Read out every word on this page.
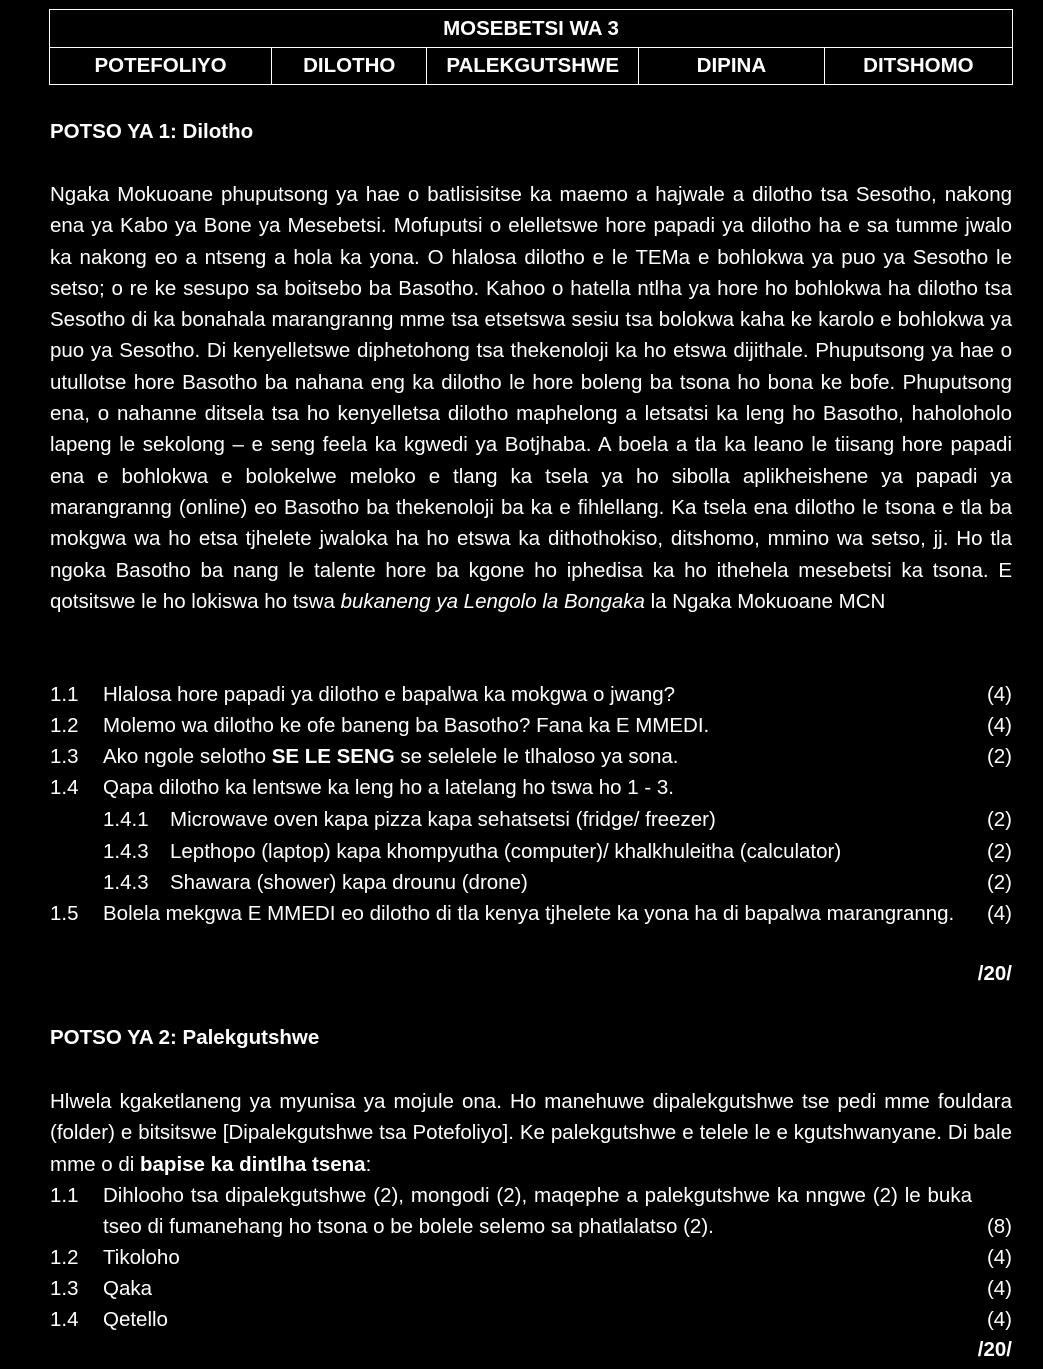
MOSEBETSI WA 3
POTEFOLIYO	DILOTHO	PALEKGUTSHWE	DIPINA	DITSHOMO
POTSO YA 1: Dilotho

Ngaka Mokuoane phuputsong ya hae o batlisisitse ka maemo a hajwale a dilotho tsa Sesotho, nakong ena ya Kabo ya Bone ya Mesebetsi. Mofuputsi o elelletswe hore papadi ya dilotho ha e sa tumme jwalo ka nakong eo a ntseng a hola ka yona. O hlalosa dilotho e le TEMa e bohlokwa ya puo ya Sesotho le setso; o re ke sesupo sa boitsebo ba Basotho. Kahoo o hatella ntlha ya hore ho bohlokwa ha dilotho tsa Sesotho di ka bonahala marangranng mme tsa etsetswa sesiu tsa bolokwa kaha ke karolo e bohlokwa ya puo ya Sesotho. Di kenyelletswe diphetohong tsa thekenoloji ka ho etswa dijithale. Phuputsong ya hae o utullotse hore Basotho ba nahana eng ka dilotho le hore boleng ba tsona ho bona ke bofe. Phuputsong ena, o nahanne ditsela tsa ho kenyelletsa dilotho maphelong a letsatsi ka leng ho Basotho, haholoholo lapeng le sekolong – e seng feela ka kgwedi ya Botjhaba. A boela a tla ka leano le tiisang hore papadi ena e bohlokwa e bolokelwe meloko e tlang ka tsela ya ho sibolla aplikheishene ya papadi ya marangranng (online) eo Basotho ba thekenoloji ba ka e fihlellang. Ka tsela ena dilotho le tsona e tla ba mokgwa wa ho etsa tjhelete jwaloka ha ho etswa ka dithothokiso, ditshomo, mmino wa setso, jj. Ho tla ngoka Basotho ba nang le talente hore ba kgone ho iphedisa ka ho ithehela mesebetsi ka tsona. E qotsitswe le ho lokiswa ho tswa bukaneng ya Lengolo la Bongaka la Ngaka Mokuoane MCN

1.1 Hlalosa hore papadi ya dilotho e bapalwa ka mokgwa o jwang?	(4)
1.2 Molemo wa dilotho ke ofe baneng ba Basotho? Fana ka E MMEDI.	(4)
1.3 Ako ngole selotho SE LE SENG se selelele le tlhaloso ya sona.	(2)
1.4 Qapa dilotho ka lentswe ka leng ho a latelang ho tswa ho 1 - 3.
1.4.1 Microwave oven kapa pizza kapa sehatsetsi (fridge/ freezer)	(2)
1.4.3 Lepthopo (laptop) kapa khompyutha (computer)/ khalkhuleitha (calculator)	(2)
1.4.3 Shawara (shower) kapa drounu (drone)	(2)
1.5 Bolela mekgwa E MMEDI eo dilotho di tla kenya tjhelete ka yona ha di bapalwa marangranng.	(4)
/20/
POTSO YA 2: Palekgutshwe

Hlwela kgaketlaneng ya myunisa ya mojule ona. Ho manehuwe dipalekgutshwe tse pedi mme fouldara (folder) e bitsitswe [Dipalekgutshwe tsa Potefoliyo]. Ke palekgutshwe e telele le e kgutshwanyane. Di bale mme o di bapise ka dintlha tsena:

1.1 Dihlooho tsa dipalekgutshwe (2), mongodi (2), maqephe a palekgutshwe ka nngwe (2) le buka tseo di fumanehang ho tsona o be bolele selemo sa phatlalatso (2).	(8)
1.2 Tikoloho	(4)
1.3 Qaka	(4)
1.4 Qetello	(4)
/20/
